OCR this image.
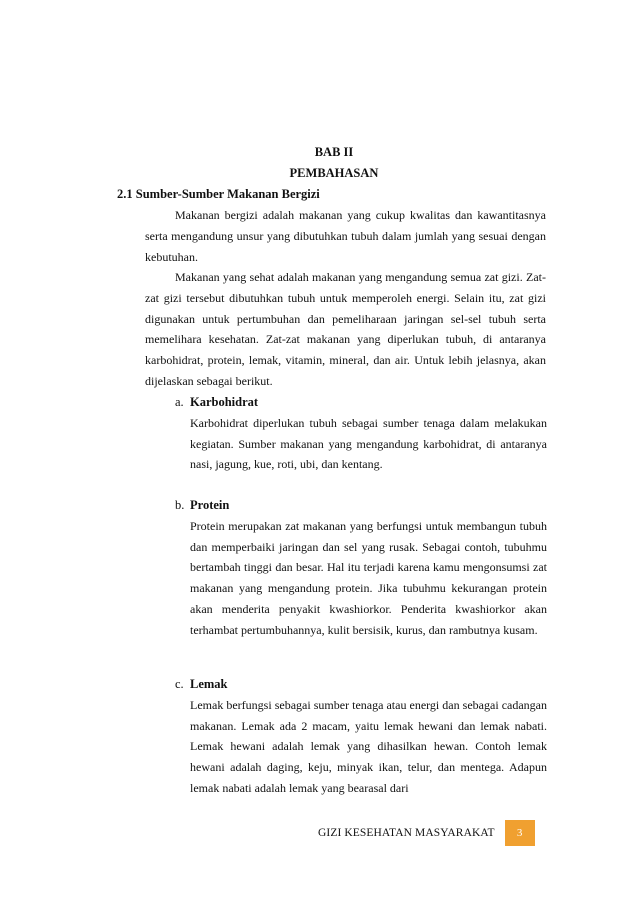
BAB II
PEMBAHASAN
2.1 Sumber-Sumber Makanan Bergizi

Makanan bergizi adalah makanan yang cukup kwalitas dan kawantitasnya serta mengandung unsur yang dibutuhkan tubuh dalam jumlah yang sesuai dengan kebutuhan.

Makanan yang sehat adalah makanan yang mengandung semua zat gizi. Zat-zat gizi tersebut dibutuhkan tubuh untuk memperoleh energi. Selain itu, zat gizi digunakan untuk pertumbuhan dan pemeliharaan jaringan sel-sel tubuh serta memelihara kesehatan. Zat-zat makanan yang diperlukan tubuh, di antaranya karbohidrat, protein, lemak, vitamin, mineral, dan air. Untuk lebih jelasnya, akan dijelaskan sebagai berikut.

a. Karbohidrat

Karbohidrat diperlukan tubuh sebagai sumber tenaga dalam melakukan kegiatan. Sumber makanan yang mengandung karbohidrat, di antaranya nasi, jagung, kue, roti, ubi, dan kentang.

b. Protein

Protein merupakan zat makanan yang berfungsi untuk membangun tubuh dan memperbaiki jaringan dan sel yang rusak. Sebagai contoh, tubuhmu bertambah tinggi dan besar. Hal itu terjadi karena kamu mengonsumsi zat makanan yang mengandung protein. Jika tubuhmu kekurangan protein akan menderita penyakit kwashiorkor. Penderita kwashiorkor akan terhambat pertumbuhannya, kulit bersisik, kurus, dan rambutnya kusam.

c. Lemak

Lemak berfungsi sebagai sumber tenaga atau energi dan sebagai cadangan makanan. Lemak ada 2 macam, yaitu lemak hewani dan lemak nabati. Lemak hewani adalah lemak yang dihasilkan hewan. Contoh lemak hewani adalah daging, keju, minyak ikan, telur, dan mentega. Adapun lemak nabati adalah lemak yang bearasal dari

GIZI KESEHATAN MASYARAKAT	3
